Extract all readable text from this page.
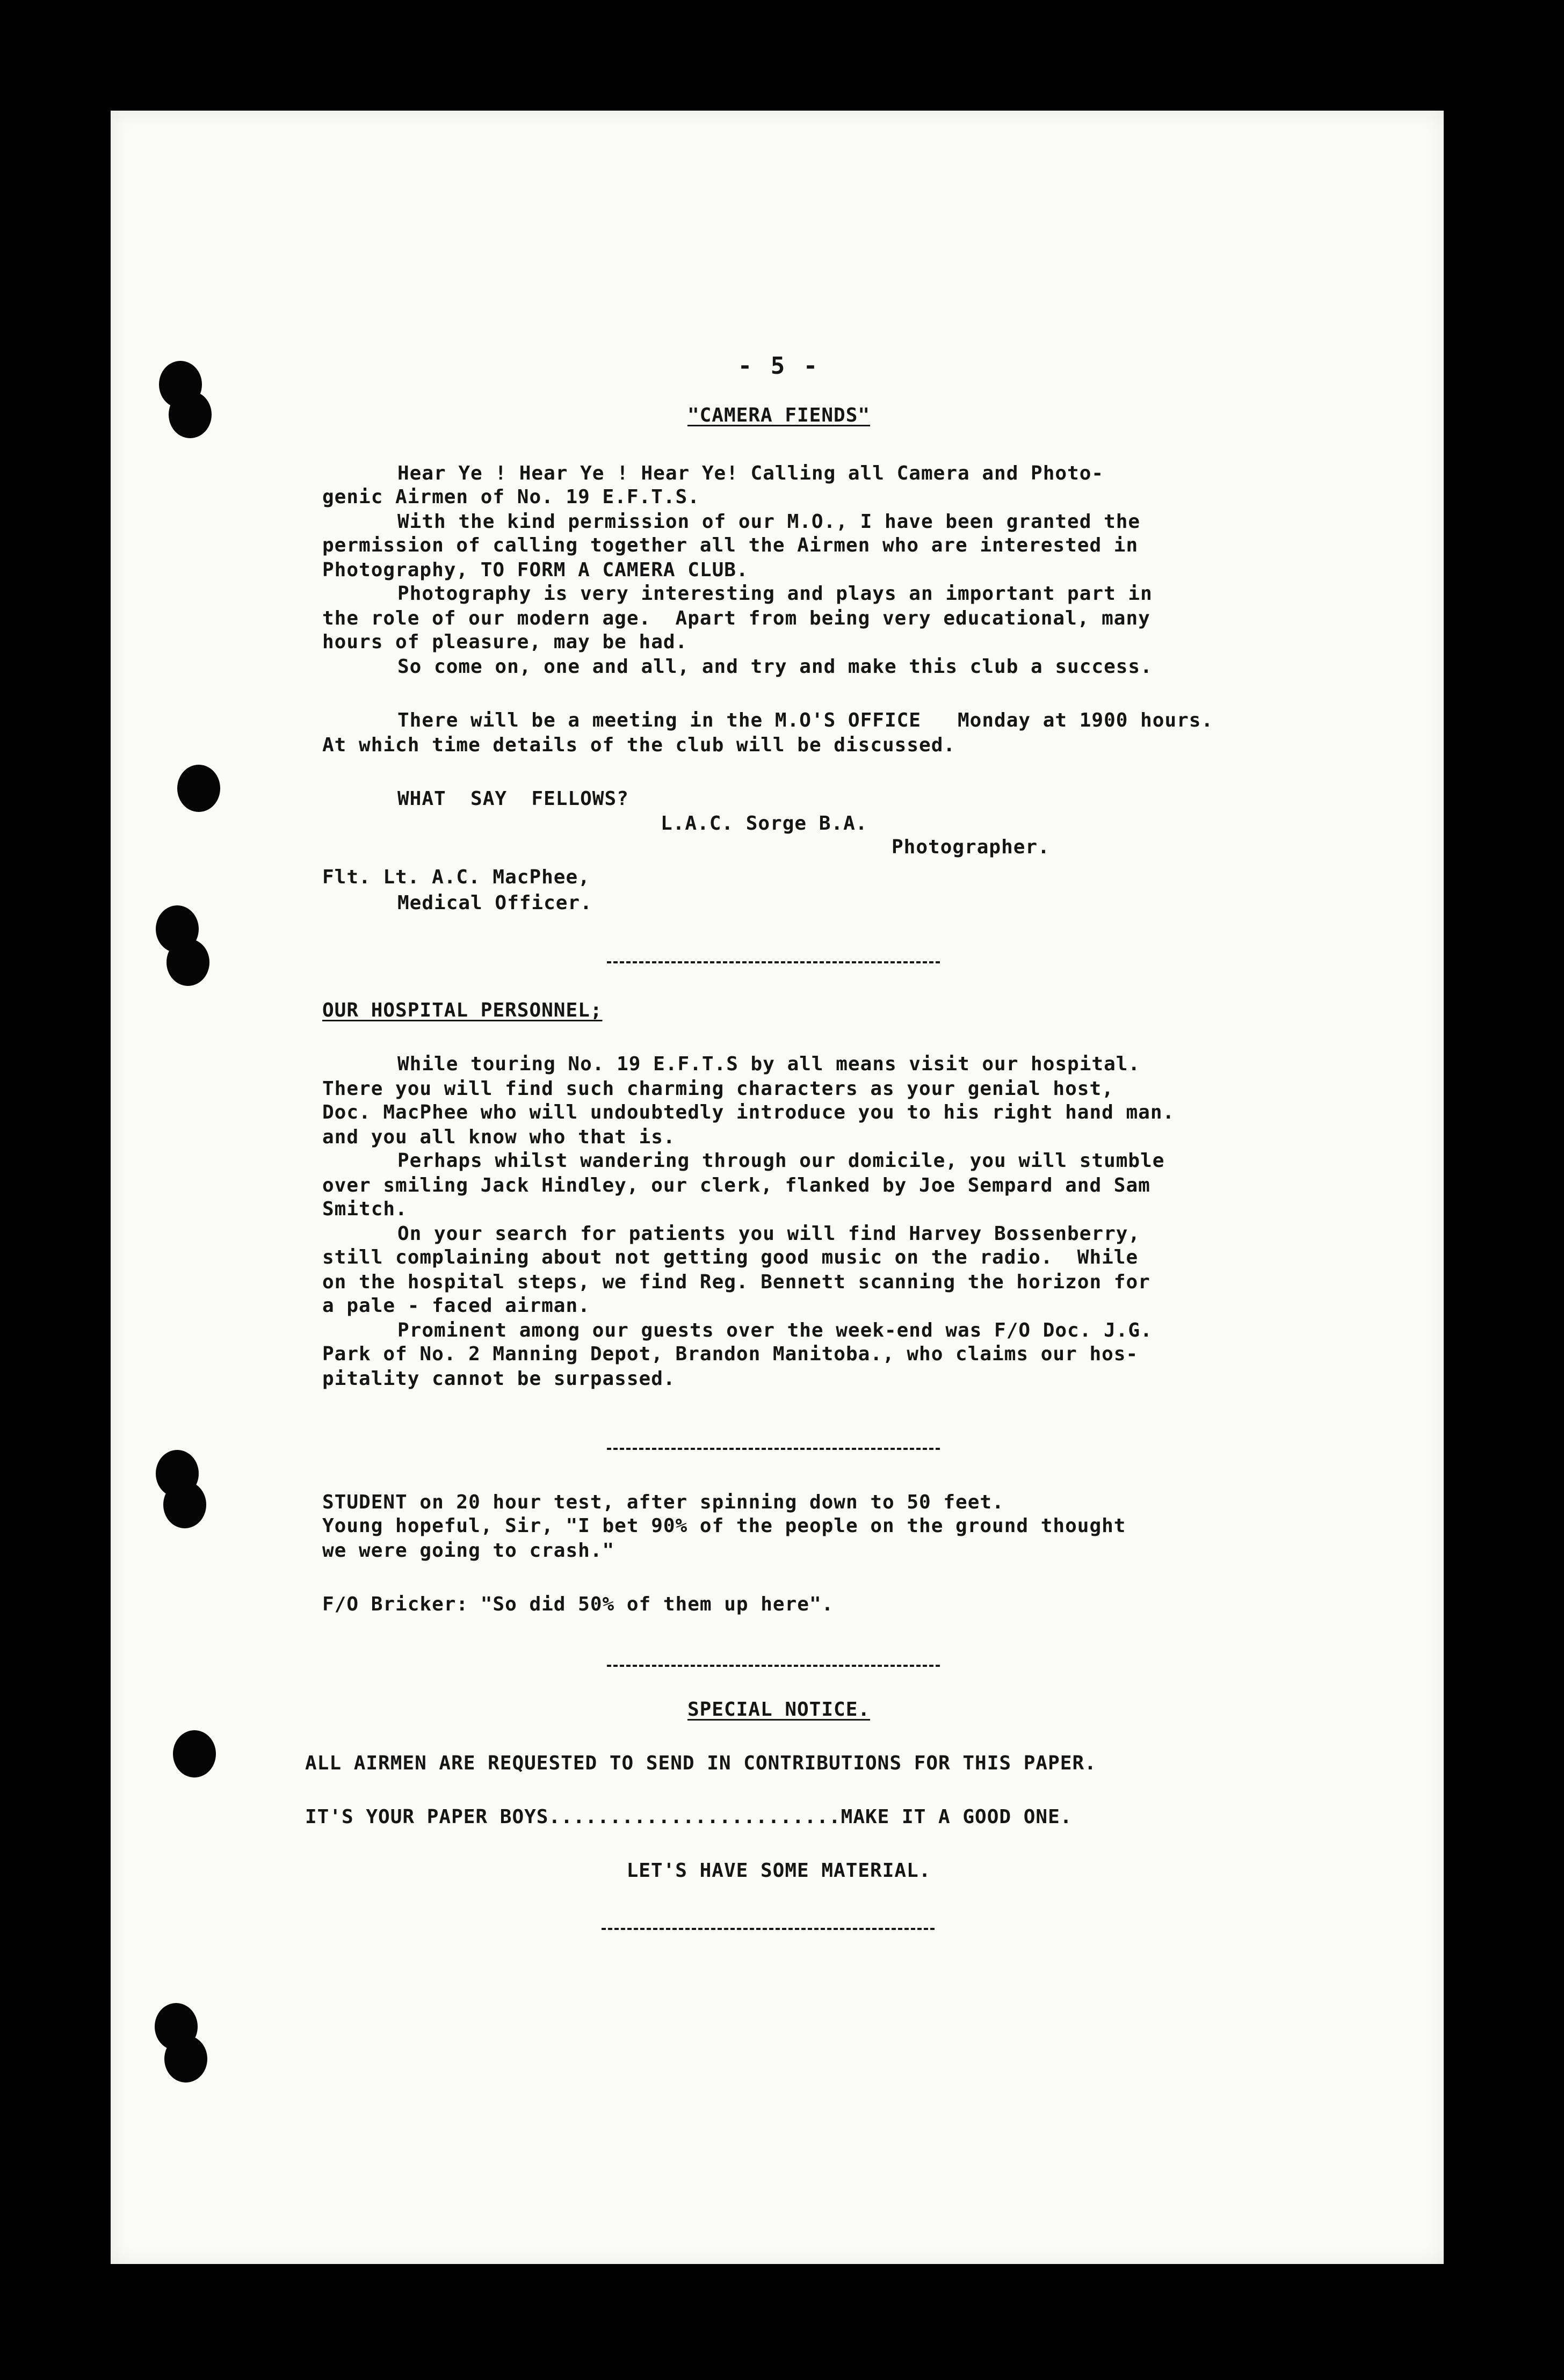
- 5 -
"CAMERA FIENDS"
Hear Ye ! Hear Ye ! Hear Ye! Calling all Camera and Photo-
genic Airmen of No. 19 E.F.T.S.
With the kind permission of our M.O., I have been granted the
permission of calling together all the Airmen who are interested in
Photography, TO FORM A CAMERA CLUB.
Photography is very interesting and plays an important part in
the role of our modern age.  Apart from being very educational, many
hours of pleasure, may be had.
So come on, one and all, and try and make this club a success.
There will be a meeting in the M.O'S OFFICE   Monday at 1900 hours.
At which time details of the club will be discussed.
WHAT  SAY  FELLOWS?
L.A.C. Sorge B.A.
Photographer.
Flt. Lt. A.C. MacPhee,
Medical Officer.
OUR HOSPITAL PERSONNEL;
While touring No. 19 E.F.T.S by all means visit our hospital.
There you will find such charming characters as your genial host,
Doc. MacPhee who will undoubtedly introduce you to his right hand man.
and you all know who that is.
Perhaps whilst wandering through our domicile, you will stumble
over smiling Jack Hindley, our clerk, flanked by Joe Sempard and Sam
Smitch.
On your search for patients you will find Harvey Bossenberry,
still complaining about not getting good music on the radio.  While
on the hospital steps, we find Reg. Bennett scanning the horizon for
a pale - faced airman.
Prominent among our guests over the week-end was F/O Doc. J.G.
Park of No. 2 Manning Depot, Brandon Manitoba., who claims our hos-
pitality cannot be surpassed.
STUDENT on 20 hour test, after spinning down to 50 feet.
Young hopeful, Sir, "I bet 90% of the people on the ground thought
we were going to crash."
F/O Bricker: "So did 50% of them up here".
SPECIAL NOTICE.
ALL AIRMEN ARE REQUESTED TO SEND IN CONTRIBUTIONS FOR THIS PAPER.
IT'S YOUR PAPER BOYS........................MAKE IT A GOOD ONE.
LET'S HAVE SOME MATERIAL.
